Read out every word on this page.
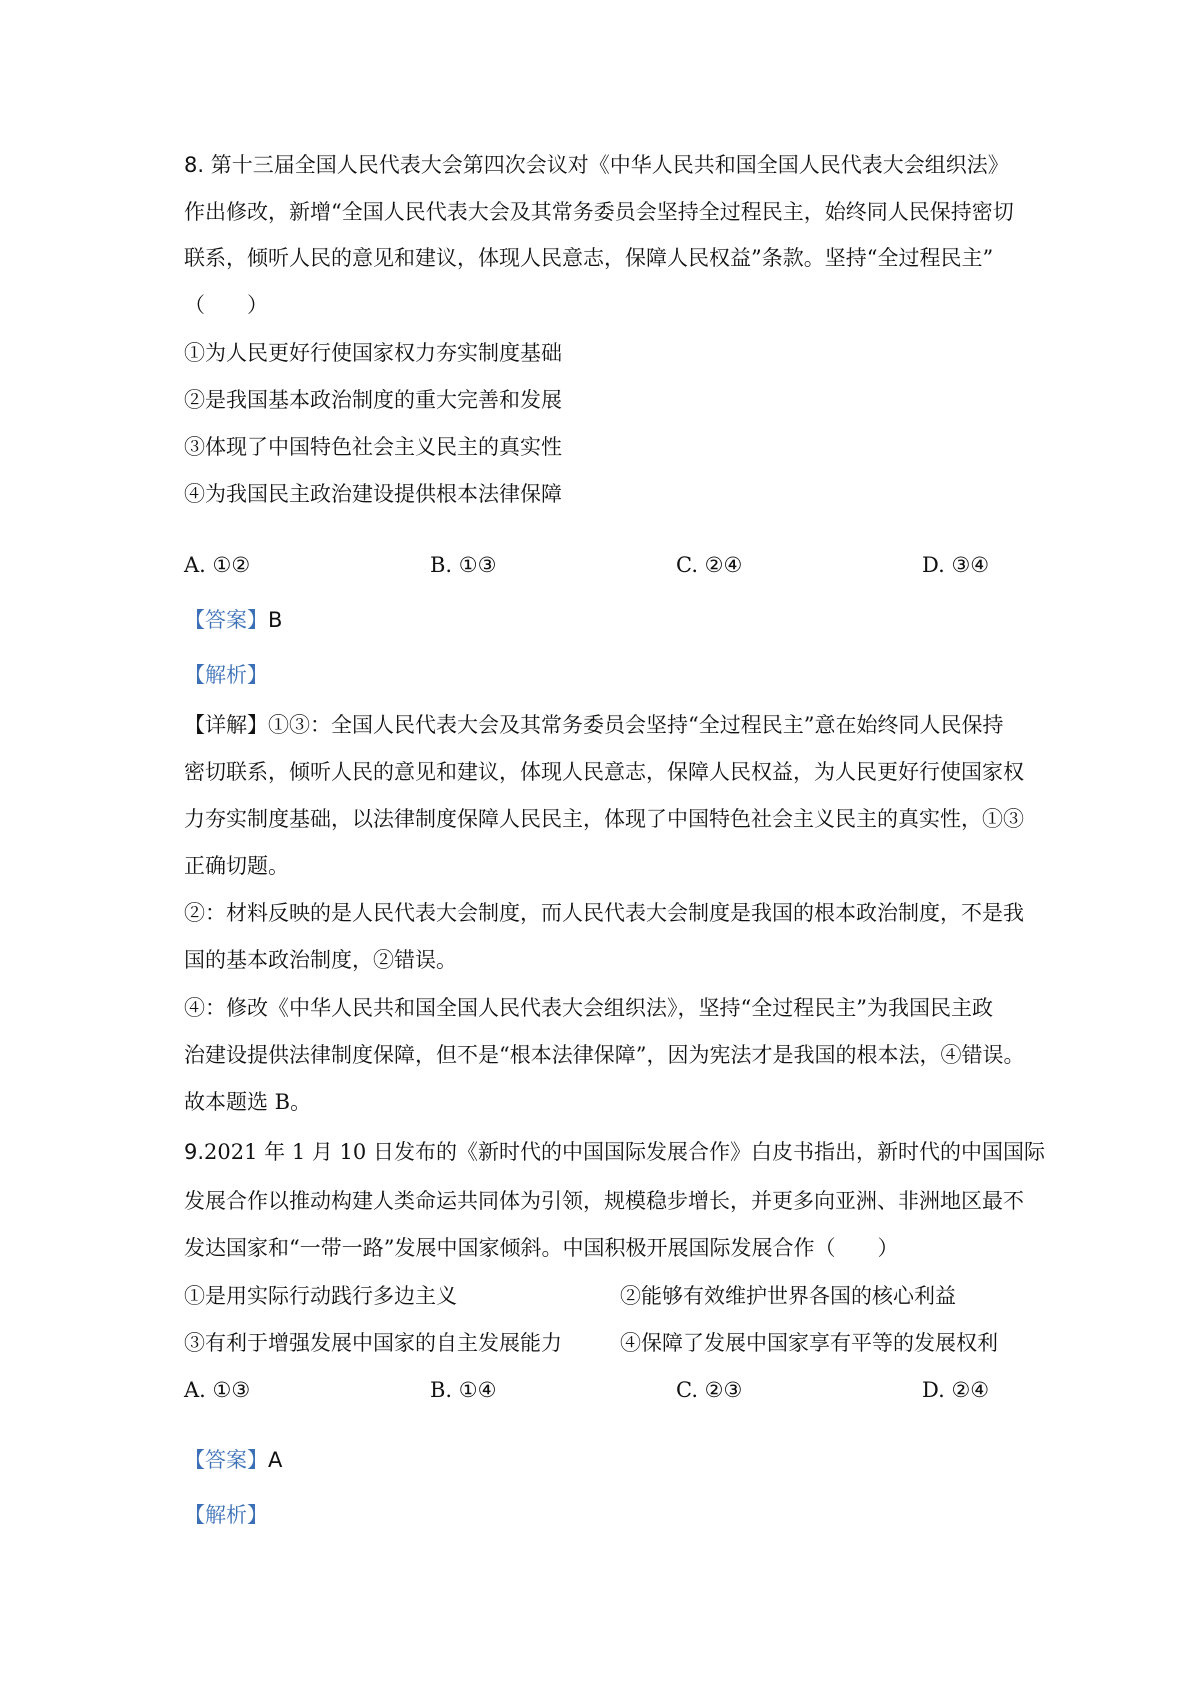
8. 第十三届全国人民代表大会第四次会议对《中华人民共和国全国人民代表大会组织法》
作出修改，新增“全国人民代表大会及其常务委员会坚持全过程民主，始终同人民保持密切
联系，倾听人民的意见和建议，体现人民意志，保障人民权益”条款。坚持“全过程民主”
（　　）
①为人民更好行使国家权力夯实制度基础
②是我国基本政治制度的重大完善和发展
③体现了中国特色社会主义民主的真实性
④为我国民主政治建设提供根本法律保障
A. ①②	B. ①③	C. ②④	D. ③④
【答案】B
【解析】
【详解】①③：全国人民代表大会及其常务委员会坚持“全过程民主”意在始终同人民保持
密切联系，倾听人民的意见和建议，体现人民意志，保障人民权益，为人民更好行使国家权
力夯实制度基础，以法律制度保障人民民主，体现了中国特色社会主义民主的真实性，①③
正确切题。
②：材料反映的是人民代表大会制度，而人民代表大会制度是我国的根本政治制度，不是我
国的基本政治制度，②错误。
④：修改《中华人民共和国全国人民代表大会组织法》，坚持“全过程民主”为我国民主政
治建设提供法律制度保障，但不是“根本法律保障”，因为宪法才是我国的根本法，④错误。
故本题选 B。
9.2021 年 1 月 10 日发布的《新时代的中国国际发展合作》白皮书指出，新时代的中国国际
发展合作以推动构建人类命运共同体为引领，规模稳步增长，并更多向亚洲、非洲地区最不
发达国家和“一带一路”发展中国家倾斜。中国积极开展国际发展合作（　　）
①是用实际行动践行多边主义	②能够有效维护世界各国的核心利益
③有利于增强发展中国家的自主发展能力	④保障了发展中国家享有平等的发展权利
A. ①③	B. ①④	C. ②③	D. ②④
【答案】A
【解析】
